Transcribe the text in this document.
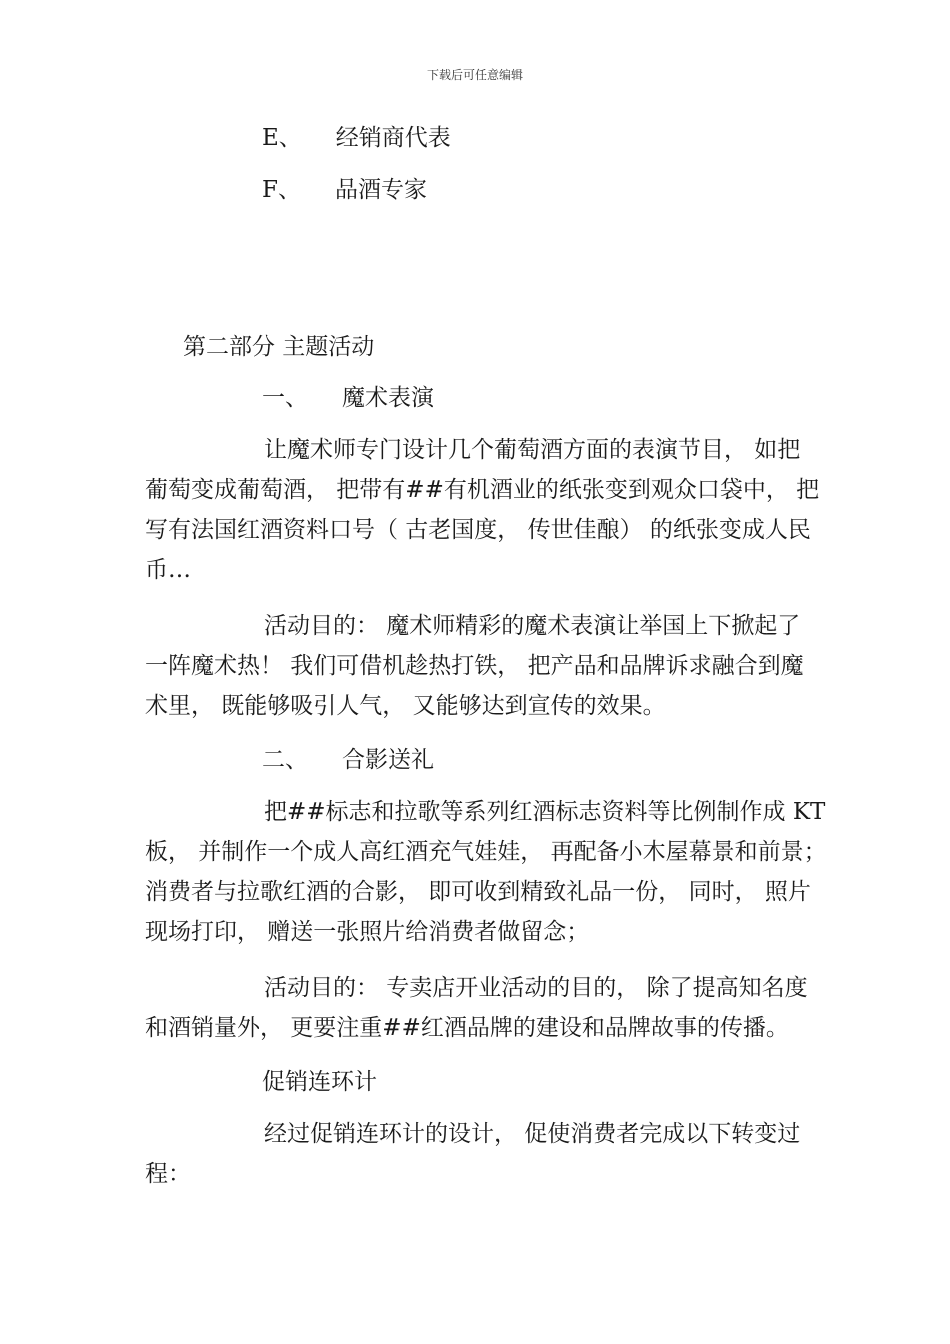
下载后可任意编辑
E、 经销商代表
F、 品酒专家
第二部分 主题活动
一、 魔术表演
让魔术师专门设计几个葡萄酒方面的表演节目， 如把
葡萄变成葡萄酒， 把带有##有机酒业的纸张变到观众口袋中， 把
写有法国红酒资料口号（ 古老国度， 传世佳酿） 的纸张变成人民
币…
活动目的： 魔术师精彩的魔术表演让举国上下掀起了
一阵魔术热！ 我们可借机趁热打铁， 把产品和品牌诉求融合到魔
术里， 既能够吸引人气， 又能够达到宣传的效果。
二、 合影送礼
把##标志和拉歌等系列红酒标志资料等比例制作成 KT
板， 并制作一个成人高红酒充气娃娃， 再配备小木屋幕景和前景；
消费者与拉歌红酒的合影， 即可收到精致礼品一份， 同时， 照片
现场打印， 赠送一张照片给消费者做留念；
活动目的： 专卖店开业活动的目的， 除了提高知名度
和酒销量外， 更要注重##红酒品牌的建设和品牌故事的传播。
促销连环计
经过促销连环计的设计， 促使消费者完成以下转变过
程：
